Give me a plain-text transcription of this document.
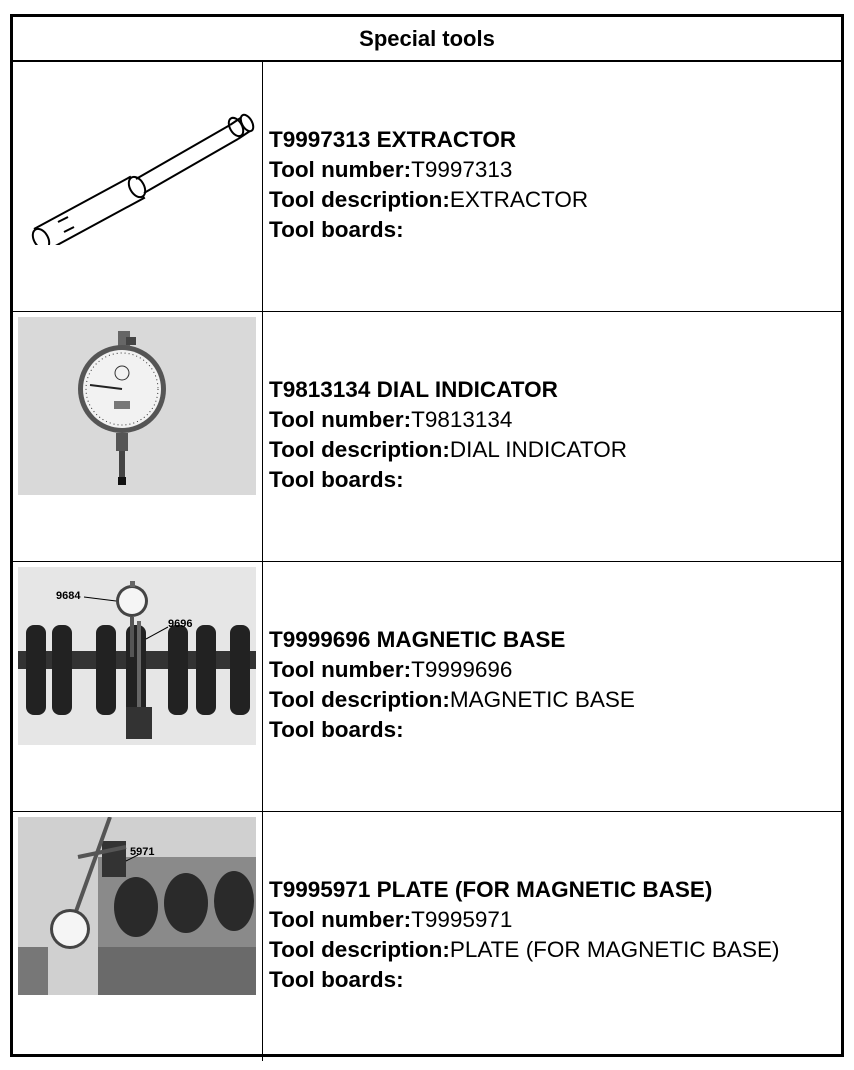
Special tools
T9997313 EXTRACTOR
Tool number:T9997313
Tool description:EXTRACTOR
Tool boards:
T9813134 DIAL INDICATOR
Tool number:T9813134
Tool description:DIAL INDICATOR
Tool boards:
9684
9696
T9999696 MAGNETIC BASE
Tool number:T9999696
Tool description:MAGNETIC BASE
Tool boards:
5971
T9995971 PLATE (FOR MAGNETIC BASE)
Tool number:T9995971
Tool description:PLATE (FOR MAGNETIC BASE)
Tool boards:
